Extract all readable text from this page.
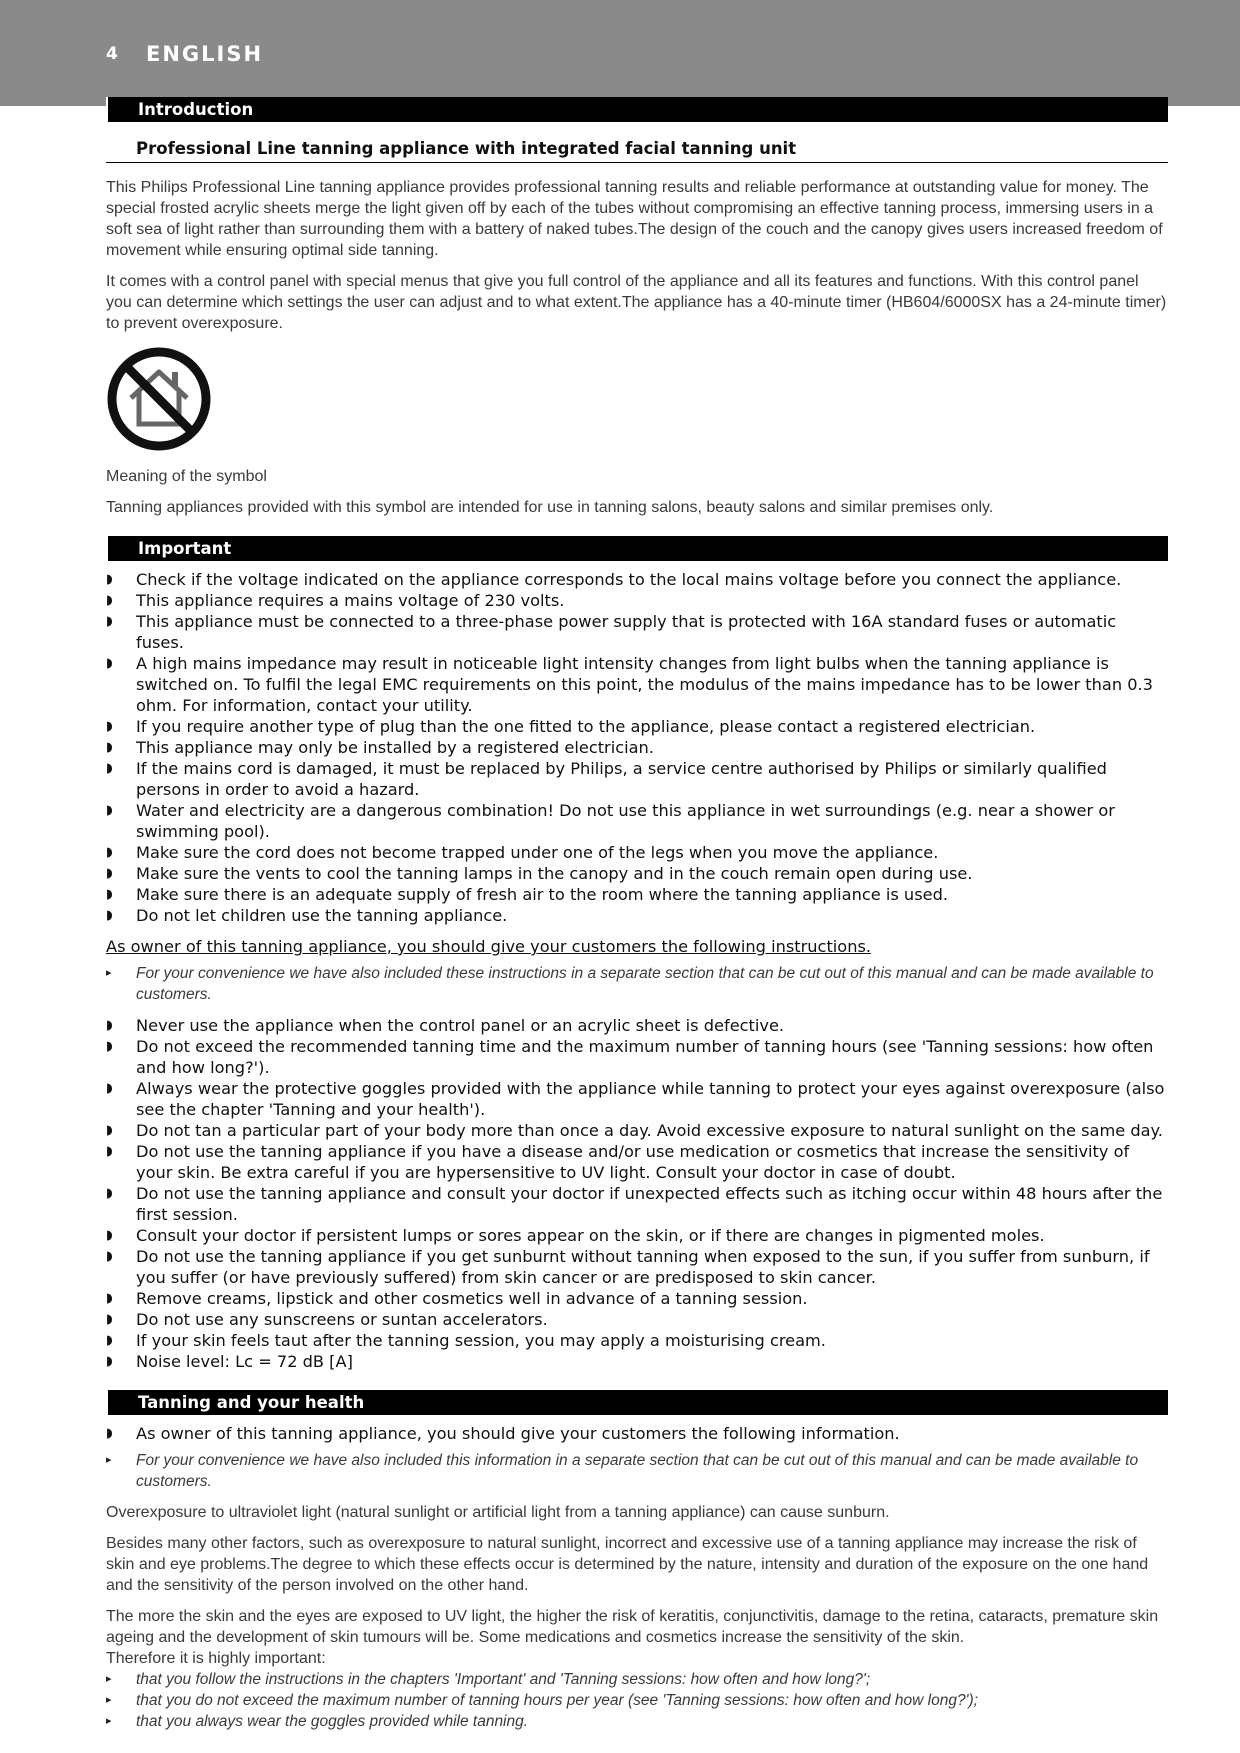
4 ENGLISH
Introduction
Professional Line tanning appliance with integrated facial tanning unit

This Philips Professional Line tanning appliance provides professional tanning results and reliable performance at outstanding value for money. The special frosted acrylic sheets merge the light given off by each of the tubes without compromising an effective tanning process, immersing users in a soft sea of light rather than surrounding them with a battery of naked tubes.The design of the couch and the canopy gives users increased freedom of movement while ensuring optimal side tanning.

It comes with a control panel with special menus that give you full control of the appliance and all its features and functions. With this control panel you can determine which settings the user can adjust and to what extent.The appliance has a 40-minute timer (HB604/6000SX has a 24-minute timer) to prevent overexposure.

Meaning of the symbol

Tanning appliances provided with this symbol are intended for use in tanning salons, beauty salons and similar premises only.

Important
◗ Check if the voltage indicated on the appliance corresponds to the local mains voltage before you connect the appliance.
◗ This appliance requires a mains voltage of 230 volts.
◗ This appliance must be connected to a three-phase power supply that is protected with 16A standard fuses or automatic fuses.
◗ A high mains impedance may result in noticeable light intensity changes from light bulbs when the tanning appliance is switched on. To fulfil the legal EMC requirements on this point, the modulus of the mains impedance has to be lower than 0.3 ohm. For information, contact your utility.
◗ If you require another type of plug than the one fitted to the appliance, please contact a registered electrician.
◗ This appliance may only be installed by a registered electrician.
◗ If the mains cord is damaged, it must be replaced by Philips, a service centre authorised by Philips or similarly qualified persons in order to avoid a hazard.
◗ Water and electricity are a dangerous combination! Do not use this appliance in wet surroundings (e.g. near a shower or swimming pool).
◗ Make sure the cord does not become trapped under one of the legs when you move the appliance.
◗ Make sure the vents to cool the tanning lamps in the canopy and in the couch remain open during use.
◗ Make sure there is an adequate supply of fresh air to the room where the tanning appliance is used.
◗ Do not let children use the tanning appliance.
As owner of this tanning appliance, you should give your customers the following instructions.
▸ For your convenience we have also included these instructions in a separate section that can be cut out of this manual and can be made available to customers.
◗ Never use the appliance when the control panel or an acrylic sheet is defective.
◗ Do not exceed the recommended tanning time and the maximum number of tanning hours (see 'Tanning sessions: how often and how long?').
◗ Always wear the protective goggles provided with the appliance while tanning to protect your eyes against overexposure (also see the chapter 'Tanning and your health').
◗ Do not tan a particular part of your body more than once a day. Avoid excessive exposure to natural sunlight on the same day.
◗ Do not use the tanning appliance if you have a disease and/or use medication or cosmetics that increase the sensitivity of your skin. Be extra careful if you are hypersensitive to UV light. Consult your doctor in case of doubt.
◗ Do not use the tanning appliance and consult your doctor if unexpected effects such as itching occur within 48 hours after the first session.
◗ Consult your doctor if persistent lumps or sores appear on the skin, or if there are changes in pigmented moles.
◗ Do not use the tanning appliance if you get sunburnt without tanning when exposed to the sun, if you suffer from sunburn, if you suffer (or have previously suffered) from skin cancer or are predisposed to skin cancer.
◗ Remove creams, lipstick and other cosmetics well in advance of a tanning session.
◗ Do not use any sunscreens or suntan accelerators.
◗ If your skin feels taut after the tanning session, you may apply a moisturising cream.
◗ Noise level: Lc = 72 dB [A]
Tanning and your health
◗ As owner of this tanning appliance, you should give your customers the following information.
▸ For your convenience we have also included this information in a separate section that can be cut out of this manual and can be made available to customers.

Overexposure to ultraviolet light (natural sunlight or artificial light from a tanning appliance) can cause sunburn.

Besides many other factors, such as overexposure to natural sunlight, incorrect and excessive use of a tanning appliance may increase the risk of skin and eye problems.The degree to which these effects occur is determined by the nature, intensity and duration of the exposure on the one hand and the sensitivity of the person involved on the other hand.

The more the skin and the eyes are exposed to UV light, the higher the risk of keratitis, conjunctivitis, damage to the retina, cataracts, premature skin ageing and the development of skin tumours will be. Some medications and cosmetics increase the sensitivity of the skin.

Therefore it is highly important:

▸ that you follow the instructions in the chapters 'Important' and 'Tanning sessions: how often and how long?';
▸ that you do not exceed the maximum number of tanning hours per year (see 'Tanning sessions: how often and how long?');
▸ that you always wear the goggles provided while tanning.
